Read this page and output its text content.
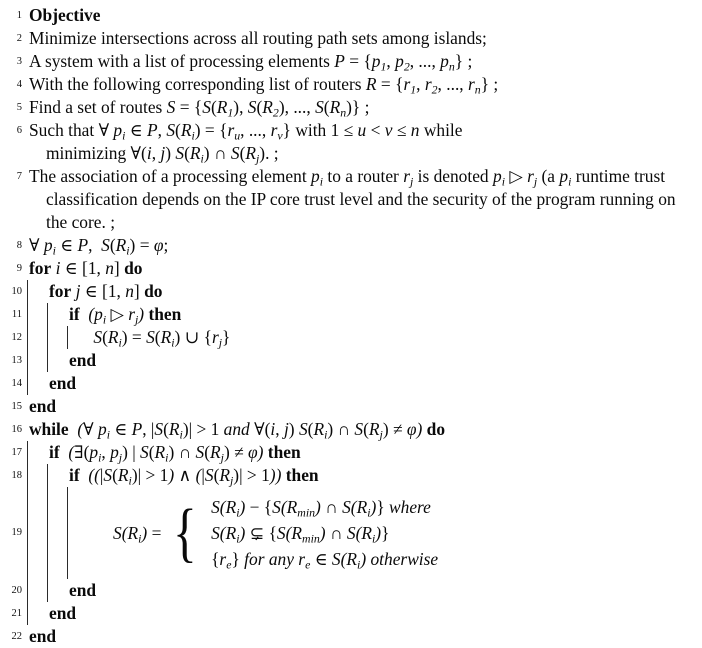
1 Objective
2 Minimize intersections across all routing path sets among islands;
3 A system with a list of processing elements $P = \{p_1$, $p_2$, ..., $p_n$} ;
4 With the following corresponding list of routers $R = \{r_1$, $r_2$, ..., $r_n$} ;
5 Find a set of routes $S = \{S(R_1)$, $S(R_2)$, ..., $S(R_n)$} ;
6 Such that ∀ $p_i$ ∈ P, $S(R_i) = \{r_u$, ..., $r_v$} with 1 ≤ u < v ≤ n while
minimizing ∀(i, j) $S(R_i)$ ∩ $S(R_j)$. ;
7 The association of a processing element $p_i$ to a router $r_j$ is denoted $p_i$ ▷ $r_j$ (a $p_i$ runtime trust
classification depends on the IP core trust level and the security of the program running on
the core. ;
8 ∀ $p_i$ ∈ P,  $S(R_i) = \varphi$;
9 for i ∈ [1, n] do
10 for j ∈ [1, n] do
11	if ($p_i$ ▷ $r_j$) then
12	$S(R_i) = S(R_i)$ ∪ $\{r_j\}$
13	end
14 end
15 end
16 while (∀ $p_i$ ∈ P, $|S(R_i)| > 1$ and ∀(i, j) $S(R_i)$ ∩ $S(R_j) \ne \varphi$) do
17 if ($\exists(p_i$, $p_j$) | $S(R_i)$ ∩ $S(R_j) \ne \varphi$) then
18	if ($(|S(R_i)| > 1)$ ∧ $(|S(R_j)| > 1)$) then
19	$S(R_i)$ = { $S(R_i) - \{S(R_{min})$ ∩ $S(R_i)$} where
$S(R_i)$ ⊊ {$S(R_{min})$ ∩ $S(R_i)$}
$\{r_e\}$ for any $r_e$ ∈ $S(R_i)$ otherwise
20	end
21 end
22 end
